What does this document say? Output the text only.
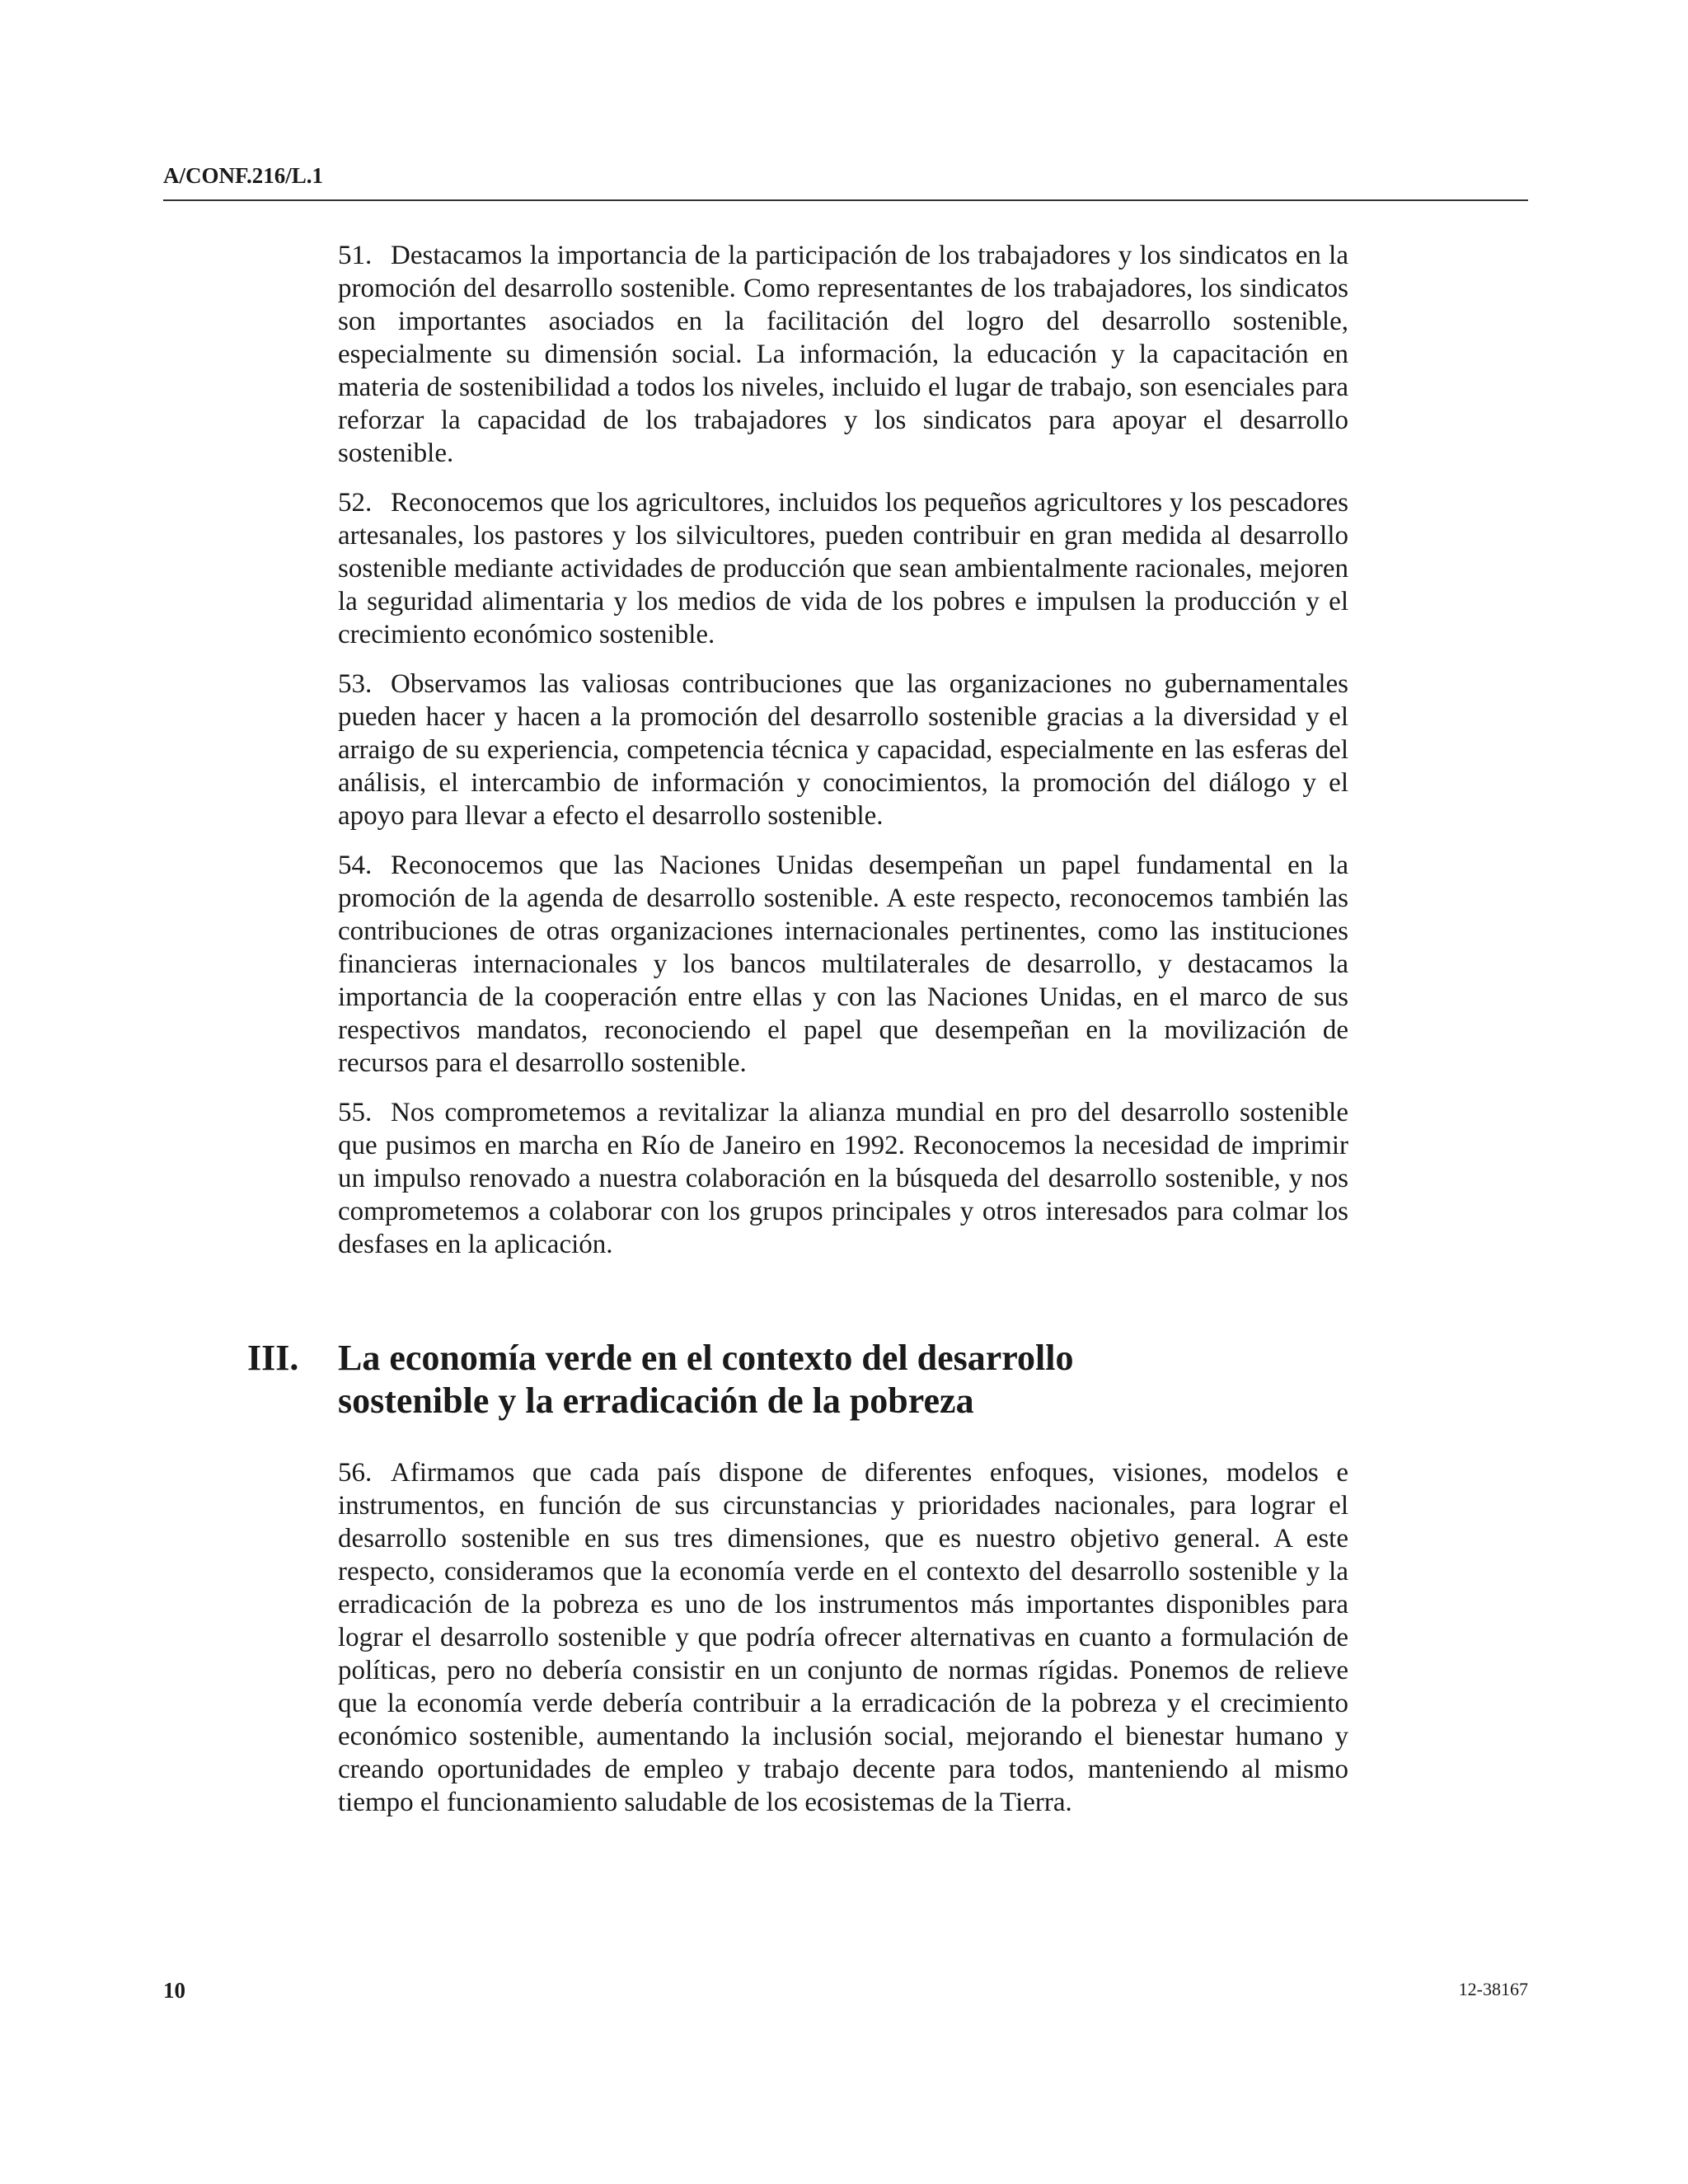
A/CONF.216/L.1

51. Destacamos la importancia de la participación de los trabajadores y los sindicatos en la promoción del desarrollo sostenible. Como representantes de los trabajadores, los sindicatos son importantes asociados en la facilitación del logro del desarrollo sostenible, especialmente su dimensión social. La información, la educación y la capacitación en materia de sostenibilidad a todos los niveles, incluido el lugar de trabajo, son esenciales para reforzar la capacidad de los trabajadores y los sindicatos para apoyar el desarrollo sostenible.

52. Reconocemos que los agricultores, incluidos los pequeños agricultores y los pescadores artesanales, los pastores y los silvicultores, pueden contribuir en gran medida al desarrollo sostenible mediante actividades de producción que sean ambientalmente racionales, mejoren la seguridad alimentaria y los medios de vida de los pobres e impulsen la producción y el crecimiento económico sostenible.

53. Observamos las valiosas contribuciones que las organizaciones no gubernamentales pueden hacer y hacen a la promoción del desarrollo sostenible gracias a la diversidad y el arraigo de su experiencia, competencia técnica y capacidad, especialmente en las esferas del análisis, el intercambio de información y conocimientos, la promoción del diálogo y el apoyo para llevar a efecto el desarrollo sostenible.

54. Reconocemos que las Naciones Unidas desempeñan un papel fundamental en la promoción de la agenda de desarrollo sostenible. A este respecto, reconocemos también las contribuciones de otras organizaciones internacionales pertinentes, como las instituciones financieras internacionales y los bancos multilaterales de desarrollo, y destacamos la importancia de la cooperación entre ellas y con las Naciones Unidas, en el marco de sus respectivos mandatos, reconociendo el papel que desempeñan en la movilización de recursos para el desarrollo sostenible.

55. Nos comprometemos a revitalizar la alianza mundial en pro del desarrollo sostenible que pusimos en marcha en Río de Janeiro en 1992. Reconocemos la necesidad de imprimir un impulso renovado a nuestra colaboración en la búsqueda del desarrollo sostenible, y nos comprometemos a colaborar con los grupos principales y otros interesados para colmar los desfases en la aplicación.

III. La economía verde en el contexto del desarrollo
sostenible y la erradicación de la pobreza

56. Afirmamos que cada país dispone de diferentes enfoques, visiones, modelos e instrumentos, en función de sus circunstancias y prioridades nacionales, para lograr el desarrollo sostenible en sus tres dimensiones, que es nuestro objetivo general. A este respecto, consideramos que la economía verde en el contexto del desarrollo sostenible y la erradicación de la pobreza es uno de los instrumentos más importantes disponibles para lograr el desarrollo sostenible y que podría ofrecer alternativas en cuanto a formulación de políticas, pero no debería consistir en un conjunto de normas rígidas. Ponemos de relieve que la economía verde debería contribuir a la erradicación de la pobreza y el crecimiento económico sostenible, aumentando la inclusión social, mejorando el bienestar humano y creando oportunidades de empleo y trabajo decente para todos, manteniendo al mismo tiempo el funcionamiento saludable de los ecosistemas de la Tierra.

10	12-38167
